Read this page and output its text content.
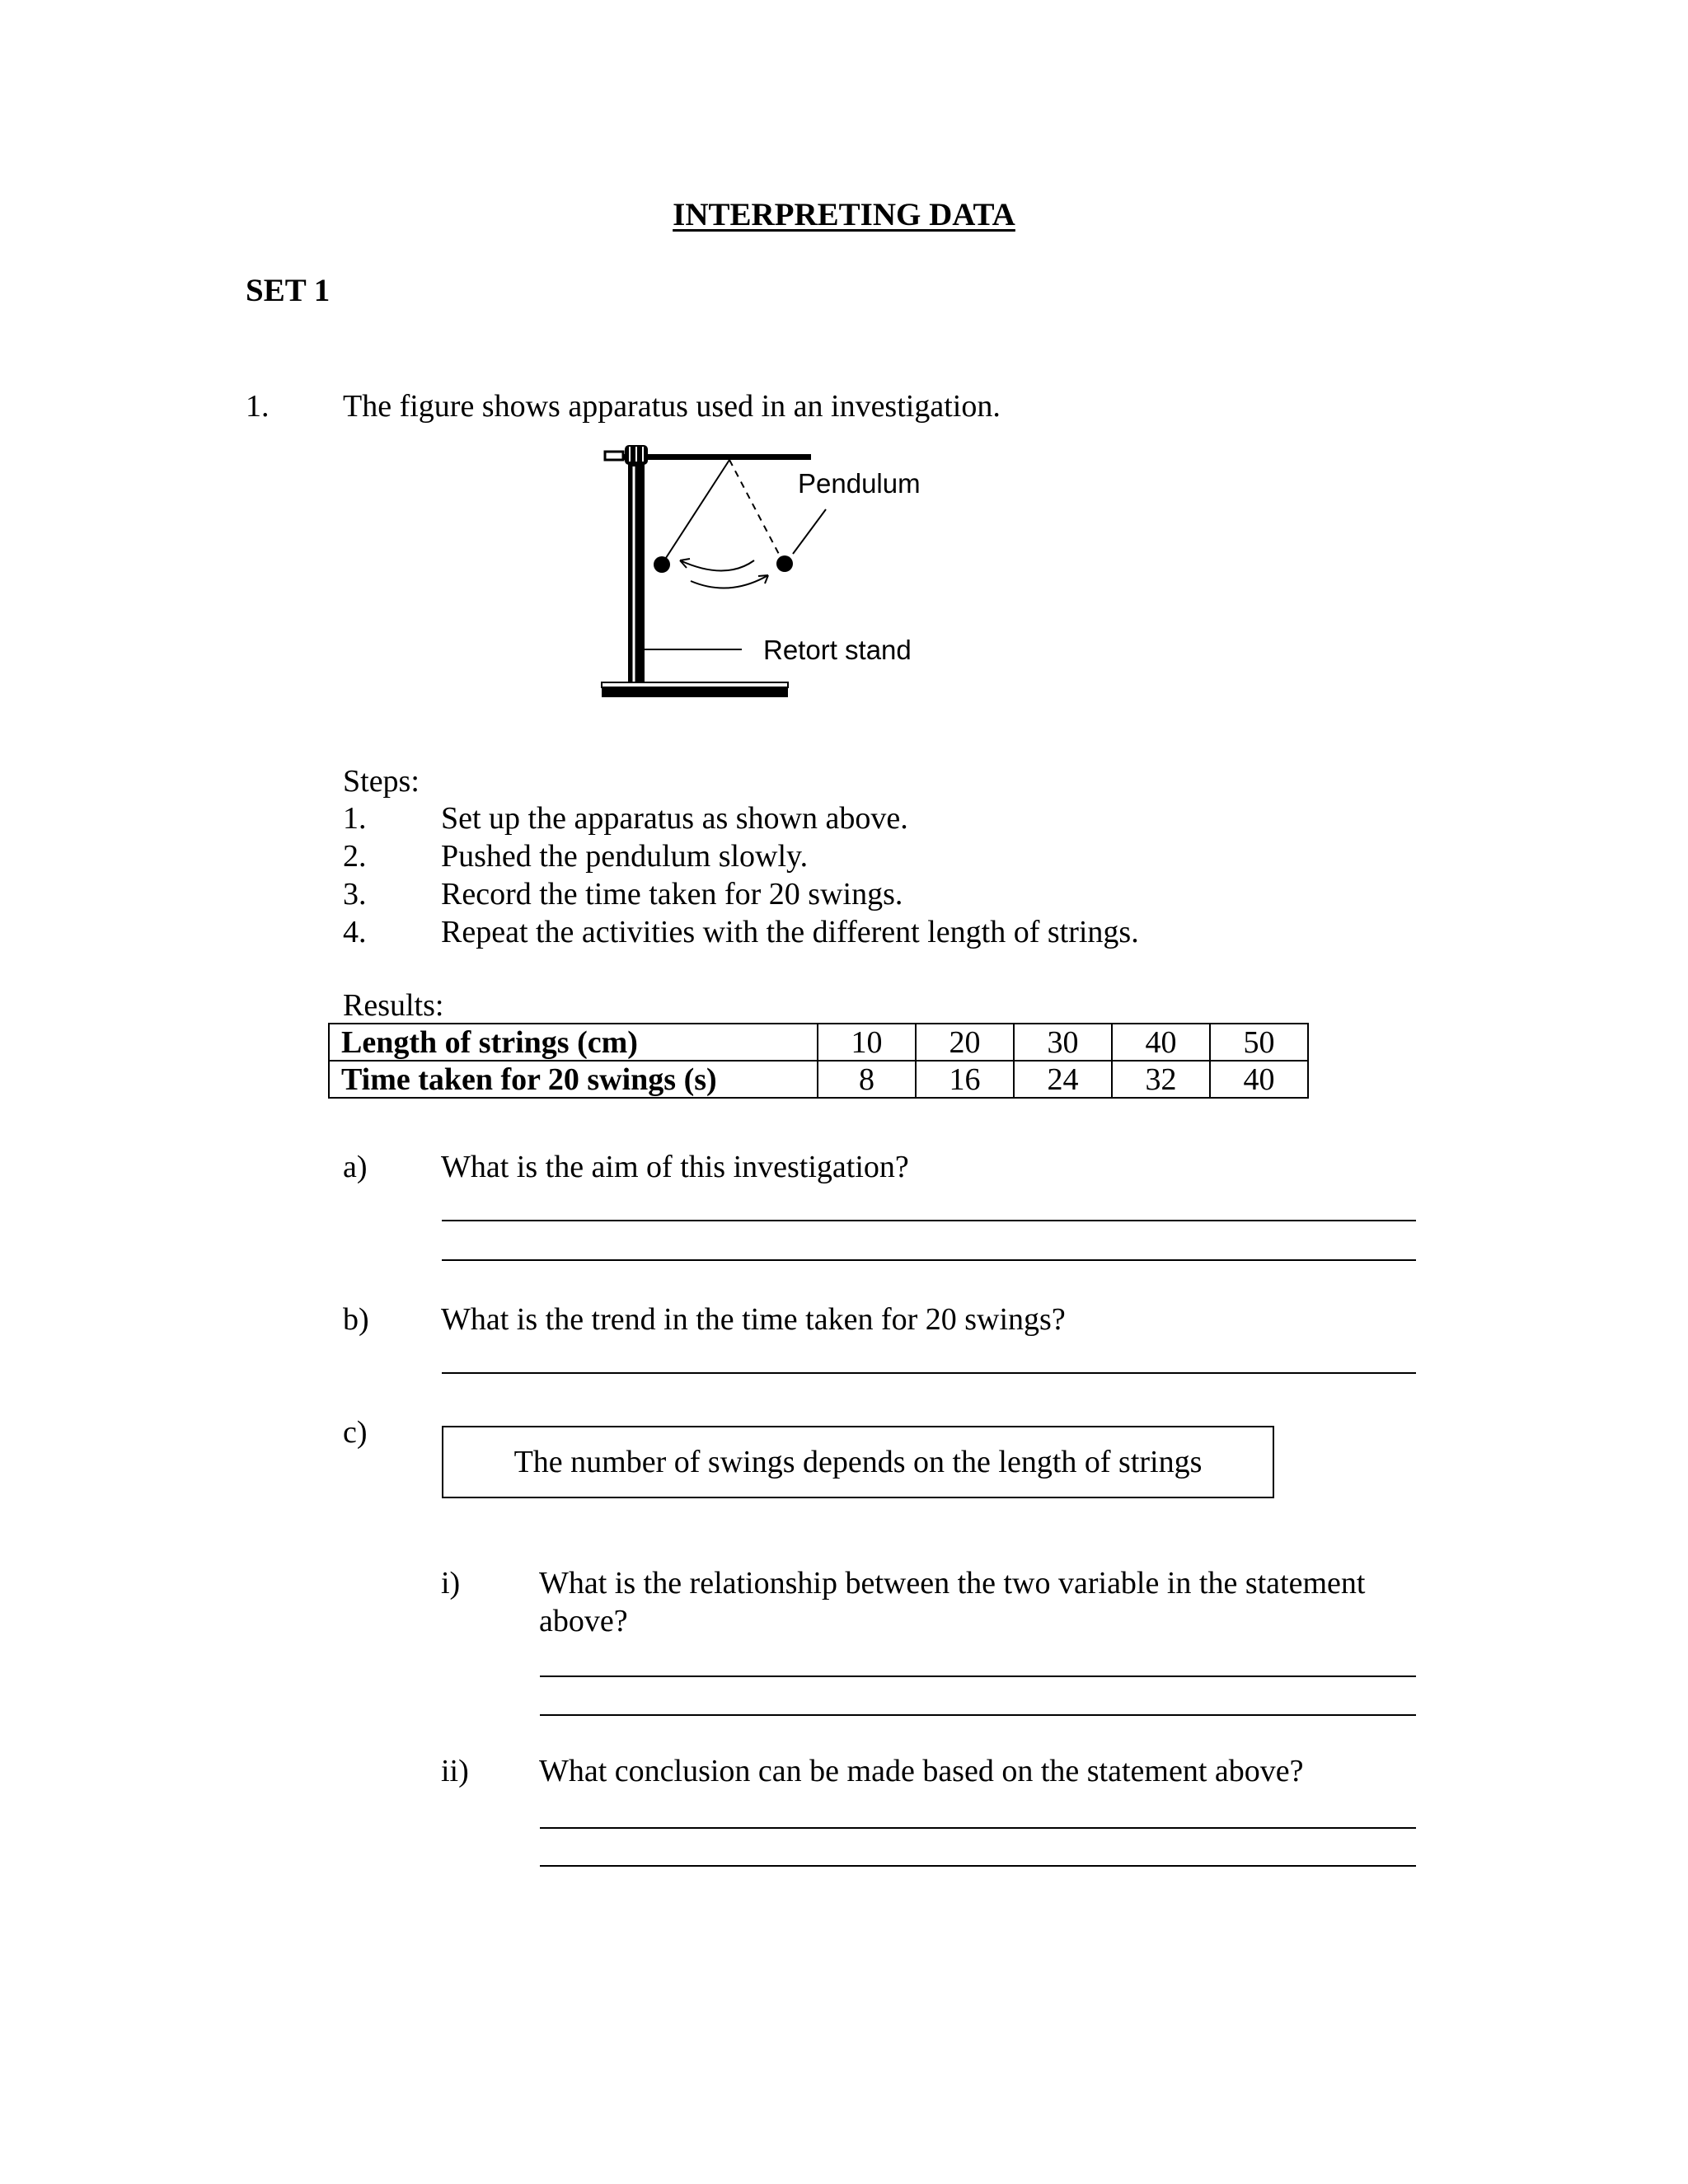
INTERPRETING DATA
SET 1
1. The figure shows apparatus used in an investigation.
Pendulum
Retort stand
Steps:
1. Set up the apparatus as shown above.
2. Pushed the pendulum slowly.
3. Record the time taken for 20 swings.
4. Repeat the activities with the different length of strings.
Results:
Length of strings (cm)	10	20	30	40	50
Time taken for 20 swings (s)	8	16	24	32	40
a) What is the aim of this investigation?
b) What is the trend in the time taken for 20 swings?
c)
The number of swings depends on the length of strings
i)	What is the relationship between the two variable in the statement
above?
ii) What conclusion can be made based on the statement above?
